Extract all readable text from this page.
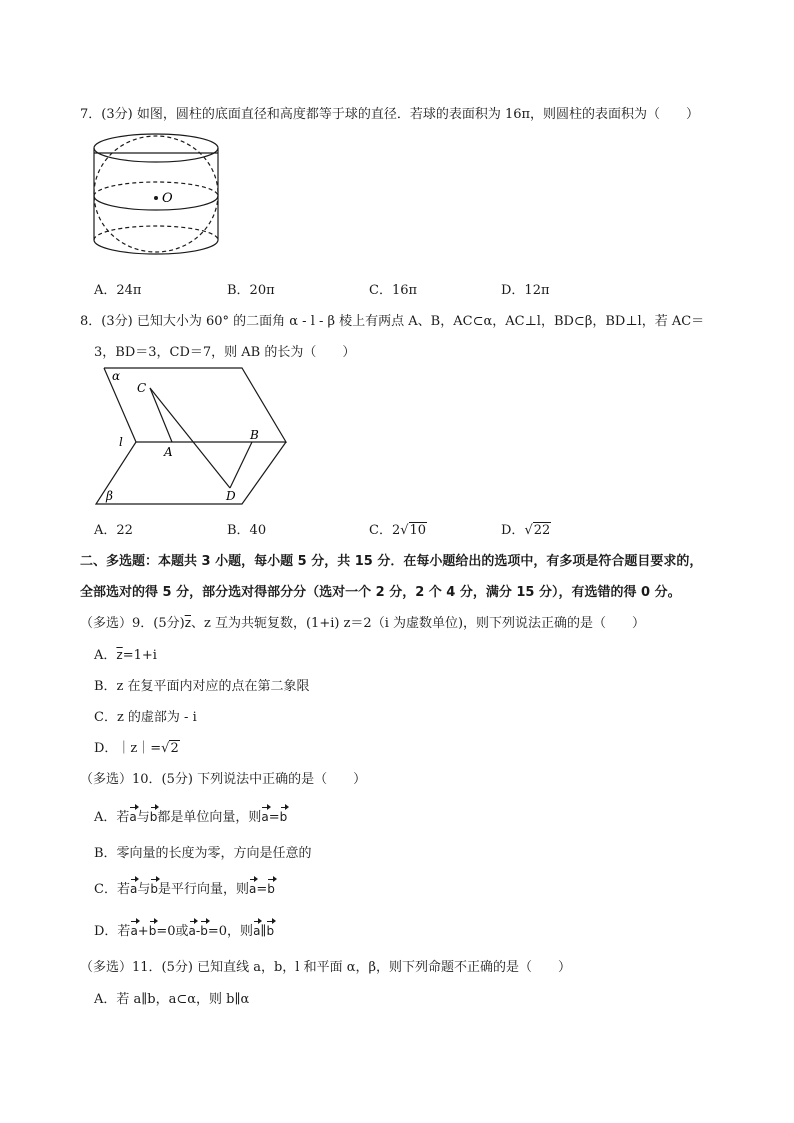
7．(3分) 如图，圆柱的底面直径和高度都等于球的直径．若球的表面积为 16π，则圆柱的表面积为（　　）
O
A．24π	B．20π	C．16π	D．12π
8．(3分) 已知大小为 60° 的二面角 α - l - β 棱上有两点 A、B，AC⊂α，AC⊥l，BD⊂β，BD⊥l，若 AC＝
3，BD＝3，CD＝7，则 AB 的长为（　　）
α
β
l
A
B
C
D
A．22	B．40	C．2√10	D．√22
二、多选题：本题共 3 小题，每小题 5 分，共 15 分．在每小题给出的选项中，有多项是符合题目要求的，
全部选对的得 5 分，部分选对得部分分（选对一个 2 分，2 个 4 分，满分 15 分），有选错的得 0 分。
（多选）9．(5分)$\overline{z}$、z 互为共轭复数，(1+i) z＝2（i 为虚数单位)，则下列说法正确的是（　　）
A．$\overline{z}=1+i$
B．z 在复平面内对应的点在第二象限
C．z 的虚部为 - i
D．｜z｜=√2
（多选）10．(5分) 下列说法中正确的是（　　）
A．若a与b都是单位向量，则a=b
B．零向量的长度为零，方向是任意的
C．若a与b是平行向量，则a=b
D．若a+b=0或a-b=0，则a∥b
（多选）11．(5分) 已知直线 a，b，l 和平面 α，β，则下列命题不正确的是（　　）
A．若 a∥b，a⊂α，则 b∥α
